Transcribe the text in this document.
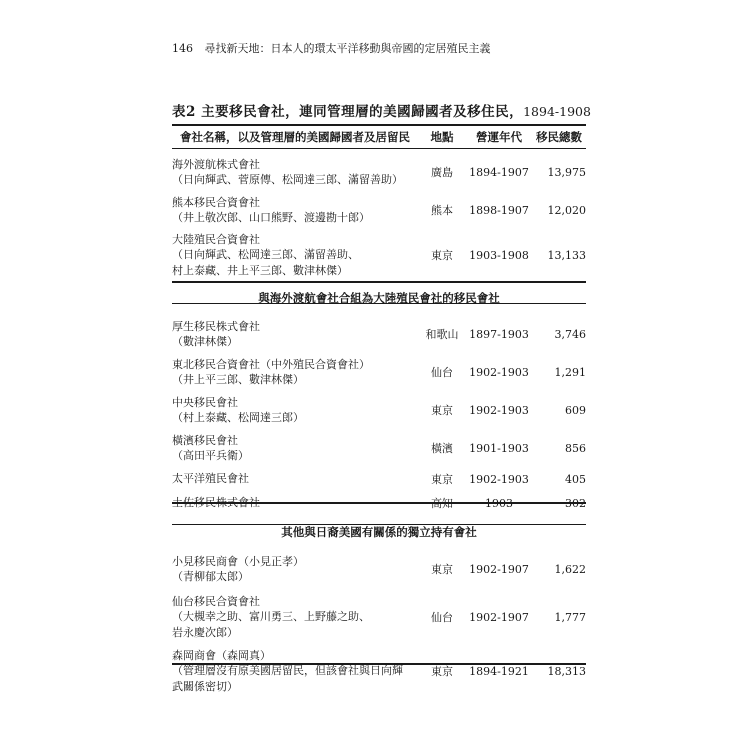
146 尋找新天地：日本人的環太平洋移動與帝國的定居殖民主義
表2 主要移民會社，連同管理層的美國歸國者及移住民，1894-1908
會社名稱，以及管理層的美國歸國者及居留民	地點	營運年代	移民總數

海外渡航株式會社
（日向輝武、菅原傳、松岡達三郎、滿留善助）	廣島	1894-1907	13,975

熊本移民合資會社
（井上敬次郎、山口熊野、渡邊勘十郎）	熊本	1898-1907	12,020

大陸殖民合資會社
（日向輝武、松岡達三郎、滿留善助、
村上泰藏、井上平三郎、數津林傑）	東京	1903-1908	13,133

與海外渡航會社合組為大陸殖民會社的移民會社			

厚生移民株式會社
（數津林傑）	和歌山	1897-1903	3,746

東北移民合資會社（中外殖民合資會社）
（井上平三郎、數津林傑）	仙台	1902-1903	1,291

中央移民會社
（村上泰藏、松岡達三郎）	東京	1902-1903	609

橫濱移民會社
（高田平兵衛）	橫濱	1901-1903	856

太平洋殖民會社	東京	1902-1903	405

土佐移民株式會社	高知	1903	302

其他與日裔美國有關係的獨立持有會社			

小見移民商會（小見正孝）
（青柳郁太郎）	東京	1902-1907	1,622

仙台移民合資會社
（大槻幸之助、富川勇三、上野藤之助、
岩永慶次郎）	仙台	1902-1907	1,777

森岡商會（森岡真）
（管理層沒有原美國居留民，但該會社與日向輝
武關係密切）	東京	1894-1921	18,313
